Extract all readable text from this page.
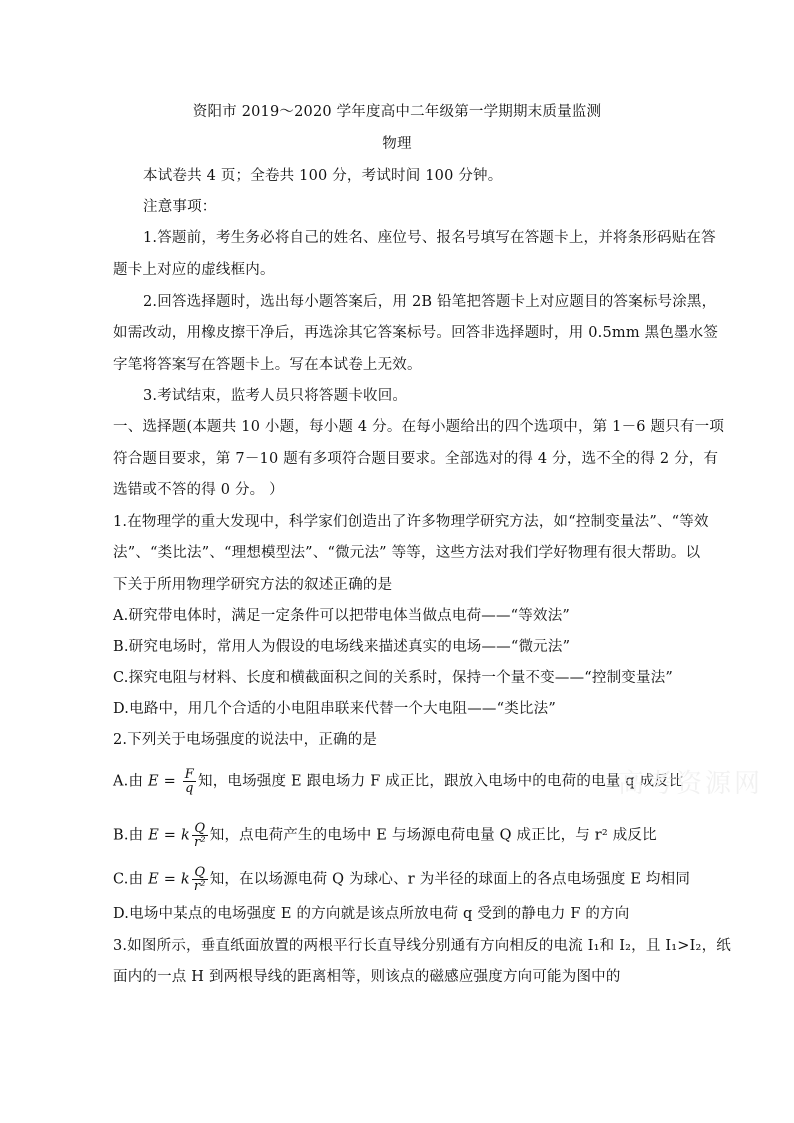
资阳市 2019～2020 学年度高中二年级第一学期期末质量监测
物理
本试卷共 4 页；全卷共 100 分，考试时间 100 分钟。
注意事项：
1.答题前，考生务必将自己的姓名、座位号、报名号填写在答题卡上，并将条形码贴在答
题卡上对应的虚线框内。
2.回答选择题时，选出每小题答案后，用 2B 铅笔把答题卡上对应题目的答案标号涂黑，
如需改动，用橡皮擦干净后，再选涂其它答案标号。回答非选择题时，用 0.5mm 黑色墨水签
字笔将答案写在答题卡上。写在本试卷上无效。
3.考试结束，监考人员只将答题卡收回。
一、选择题(本题共 10 小题，每小题 4 分。在每小题给出的四个选项中，第 1－6 题只有一项
符合题目要求，第 7－10 题有多项符合题目要求。全部选对的得 4 分，选不全的得 2 分，有
选错或不答的得 0 分。 ）
1.在物理学的重大发现中，科学家们创造出了许多物理学研究方法，如“控制变量法”、“等效
法”、“类比法”、“理想模型法”、“微元法” 等等，这些方法对我们学好物理有很大帮助。以
下关于所用物理学研究方法的叙述正确的是
A.研究带电体时，满足一定条件可以把带电体当做点电荷——“等效法”
B.研究电场时，常用人为假设的电场线来描述真实的电场——“微元法”
C.探究电阻与材料、长度和横截面积之间的关系时，保持一个量不变——“控制变量法”
D.电路中，用几个合适的小电阻串联来代替一个大电阻——“类比法”
2.下列关于电场强度的说法中，正确的是
A.由 $E = \frac{F}{q}$ 知，电场强度 E 跟电场力 F 成正比，跟放入电场中的电荷的电量 q 成反比
B.由 E = k $\frac{Q}{\text{r²}}$ 知，点电荷产生的电场中 E 与场源电荷电量 Q 成正比，与 r² 成反比
C.由 E = k $\frac{Q}{\text{r²}}$ 知，在以场源电荷 Q 为球心、r 为半径的球面上的各点电场强度 E 均相同
D.电场中某点的电场强度 E 的方向就是该点所放电荷 q 受到的静电力 F 的方向
3.如图所示，垂直纸面放置的两根平行长直导线分别通有方向相反的电流 I₁和 I₂，且 I₁>I₂，纸
面内的一点 H 到两根导线的距离相等，则该点的磁感应强度方向可能为图中的
高考资源网
